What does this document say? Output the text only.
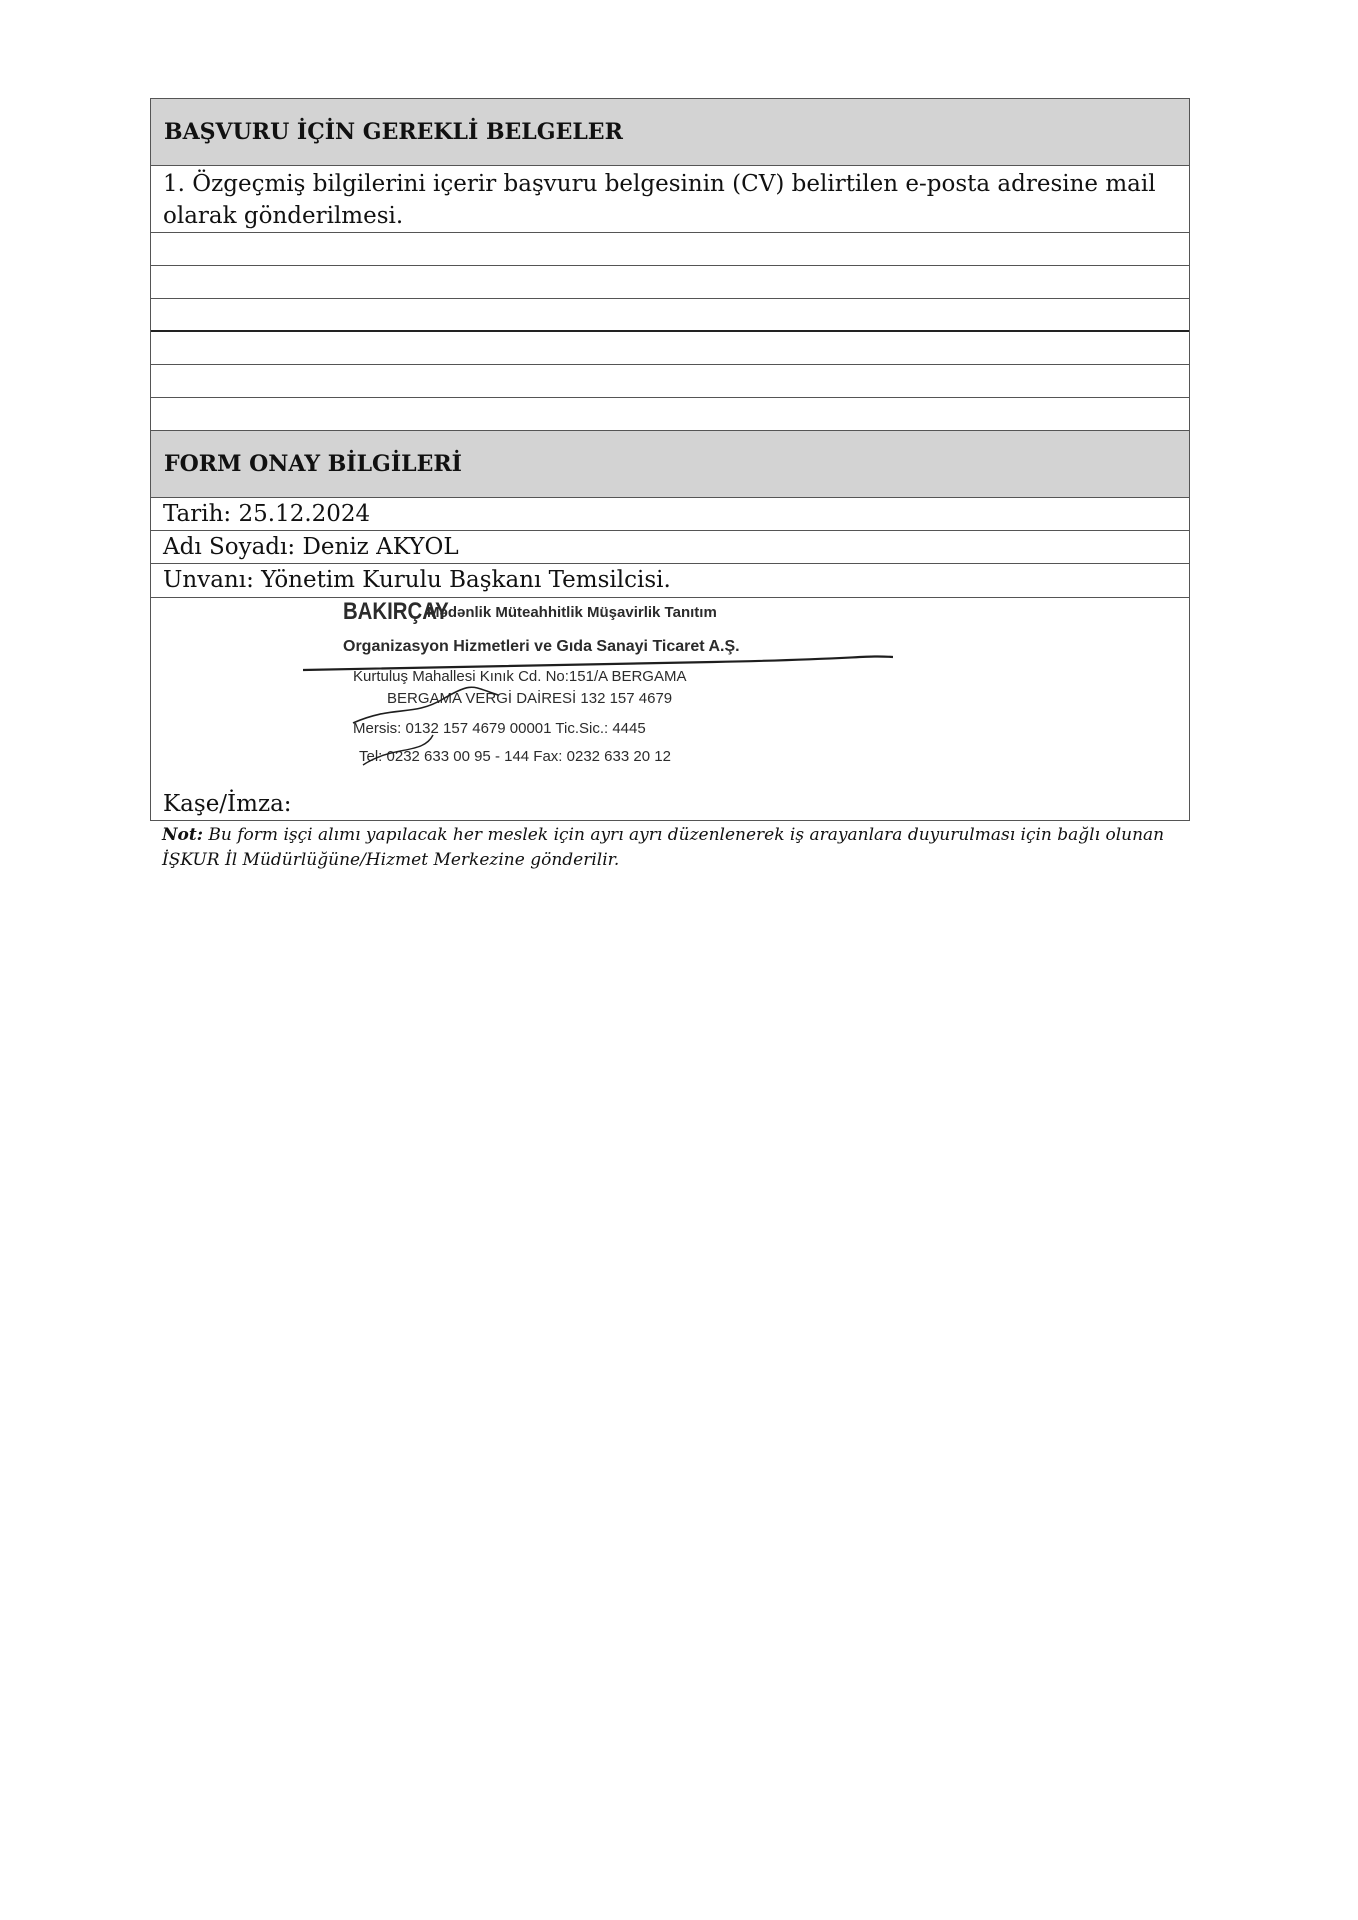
BAŞVURU İÇİN GEREKLİ BELGELER
1. Özgeçmiş bilgilerini içerir başvuru belgesinin (CV) belirtilen e-posta adresine mail olarak gönderilmesi.
FORM ONAY BİLGİLERİ
Tarih: 25.12.2024
Adı Soyadı: Deniz AKYOL
Unvanı: Yönetim Kurulu Başkanı Temsilcisi.
BAKIRÇAY
Mədənlik Müteahhitlik Müşavirlik Tanıtım
Organizasyon Hizmetleri ve Gıda Sanayi Ticaret A.Ş.
Kurtuluş Mahallesi Kınık Cd. No:151/A BERGAMA
BERGAMA VERGİ DAİRESİ 132 157 4679
Mersis: 0132 157 4679 00001 Tic.Sic.: 4445
Tel: 0232 633 00 95 - 144 Fax: 0232 633 20 12
Kaşe/İmza:
Not: Bu form işçi alımı yapılacak her meslek için ayrı ayrı düzenlenerek iş arayanlara duyurulması için bağlı olunan İŞKUR İl Müdürlüğüne/Hizmet Merkezine gönderilir.
